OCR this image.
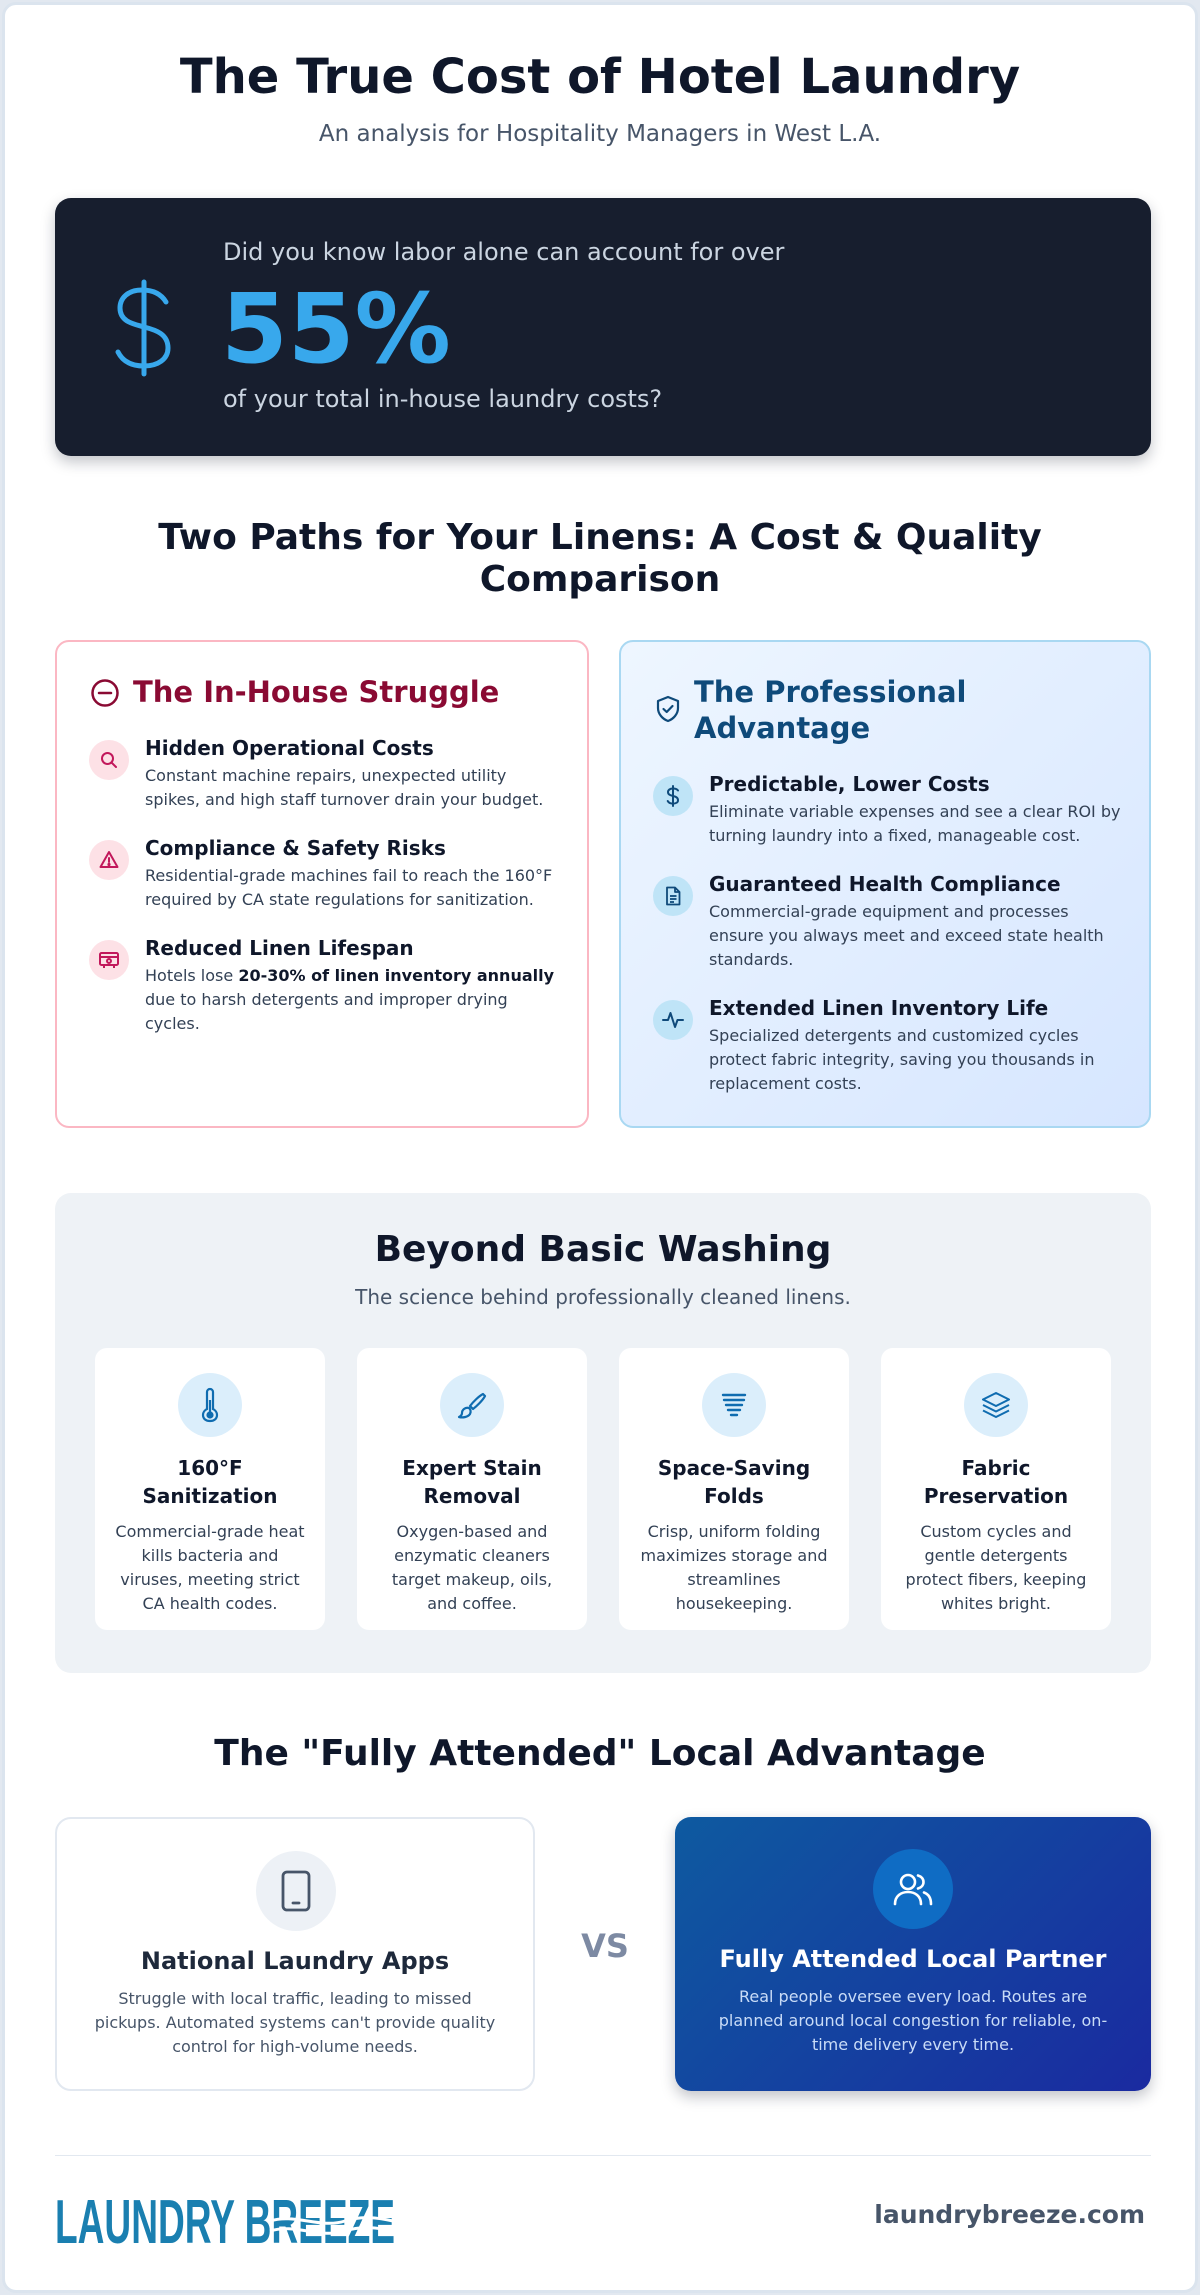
The True Cost of Hotel Laundry
An analysis for Hospitality Managers in West L.A.
Did you know labor alone can account for over
55%
of your total in-house laundry costs?
Two Paths for Your Linens: A Cost & Quality Comparison
The In-House Struggle
Hidden Operational Costs
Constant machine repairs, unexpected utility spikes, and high staff turnover drain your budget.
Compliance & Safety Risks
Residential-grade machines fail to reach the 160°F required by CA state regulations for sanitization.
Reduced Linen Lifespan
Hotels lose 20-30% of linen inventory annually due to harsh detergents and improper drying cycles.
The Professional Advantage
Predictable, Lower Costs
Eliminate variable expenses and see a clear ROI by turning laundry into a fixed, manageable cost.
Guaranteed Health Compliance
Commercial-grade equipment and processes ensure you always meet and exceed state health standards.
Extended Linen Inventory Life
Specialized detergents and customized cycles protect fabric integrity, saving you thousands in replacement costs.
Beyond Basic Washing
The science behind professionally cleaned linens.
160°F Sanitization
Commercial-grade heat kills bacteria and viruses, meeting strict CA health codes.
Expert Stain Removal
Oxygen-based and enzymatic cleaners target makeup, oils, and coffee.
Space-Saving Folds
Crisp, uniform folding maximizes storage and streamlines housekeeping.
Fabric Preservation
Custom cycles and gentle detergents protect fibers, keeping whites bright.
The "Fully Attended" Local Advantage
National Laundry Apps
Struggle with local traffic, leading to missed pickups. Automated systems can't provide quality control for high-volume needs.
VS	Fully Attended Local Partner
Real people oversee every load. Routes are planned around local congestion for reliable, on-time delivery every time.
LAUNDRY BREEZE	laundrybreeze.com
